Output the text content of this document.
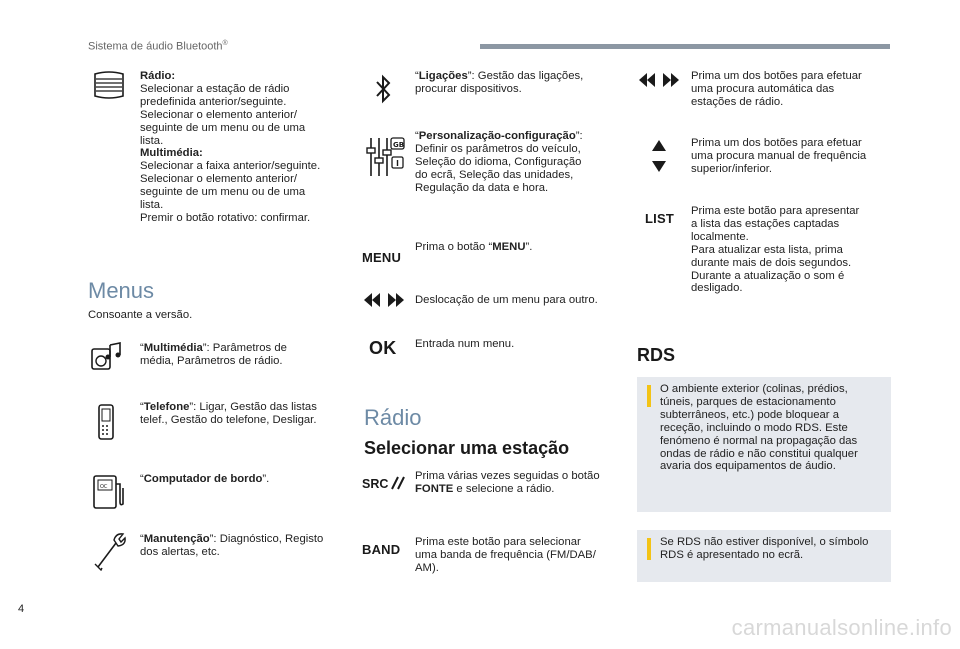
Sistema de áudio Bluetooth®
Rádio:
Selecionar a estação de rádio
predefinida anterior/seguinte.
Selecionar o elemento anterior/
seguinte de um menu ou de uma
lista.
Multimédia:
Selecionar a faixa anterior/seguinte.
Selecionar o elemento anterior/
seguinte de um menu ou de uma
lista.
Premir o botão rotativo: confirmar.
Menus
Consoante a versão.
“Multimédia”: Parâmetros de
média, Parâmetros de rádio.
“Telefone”: Ligar, Gestão das listas
telef., Gestão do telefone, Desligar.
OC
“Computador de bordo”.
“Manutenção”: Diagnóstico, Registo
dos alertas, etc.
“Ligações”: Gestão das ligações,
procurar dispositivos.
GB
“Personalização-configuração”:
Definir os parâmetros do veículo,
Seleção do idioma, Configuração
do ecrã, Seleção das unidades,
Regulação da data e hora.
MENU
Prima o botão “MENU”.
Deslocação de um menu para outro.
OK Entrada num menu.
Rádio
Selecionar uma estação
SRC
Prima várias vezes seguidas o botão
FONTE e selecione a rádio.
BAND Prima este botão para selecionar
uma banda de frequência (FM/DAB/
AM).
Prima um dos botões para efetuar
uma procura automática das
estações de rádio.
Prima um dos botões para efetuar
uma procura manual de frequência
superior/inferior.
LIST Prima este botão para apresentar
a lista das estações captadas
localmente.
Para atualizar esta lista, prima
durante mais de dois segundos.
Durante a atualização o som é
desligado.
RDS
O ambiente exterior (colinas, prédios,
túneis, parques de estacionamento
subterrâneos, etc.) pode bloquear a
receção, incluindo o modo RDS. Este
fenómeno é normal na propagação das
ondas de rádio e não constitui qualquer
avaria dos equipamentos de áudio.
Se RDS não estiver disponível, o símbolo
RDS é apresentado no ecrã.
4
carmanualsonline.info
